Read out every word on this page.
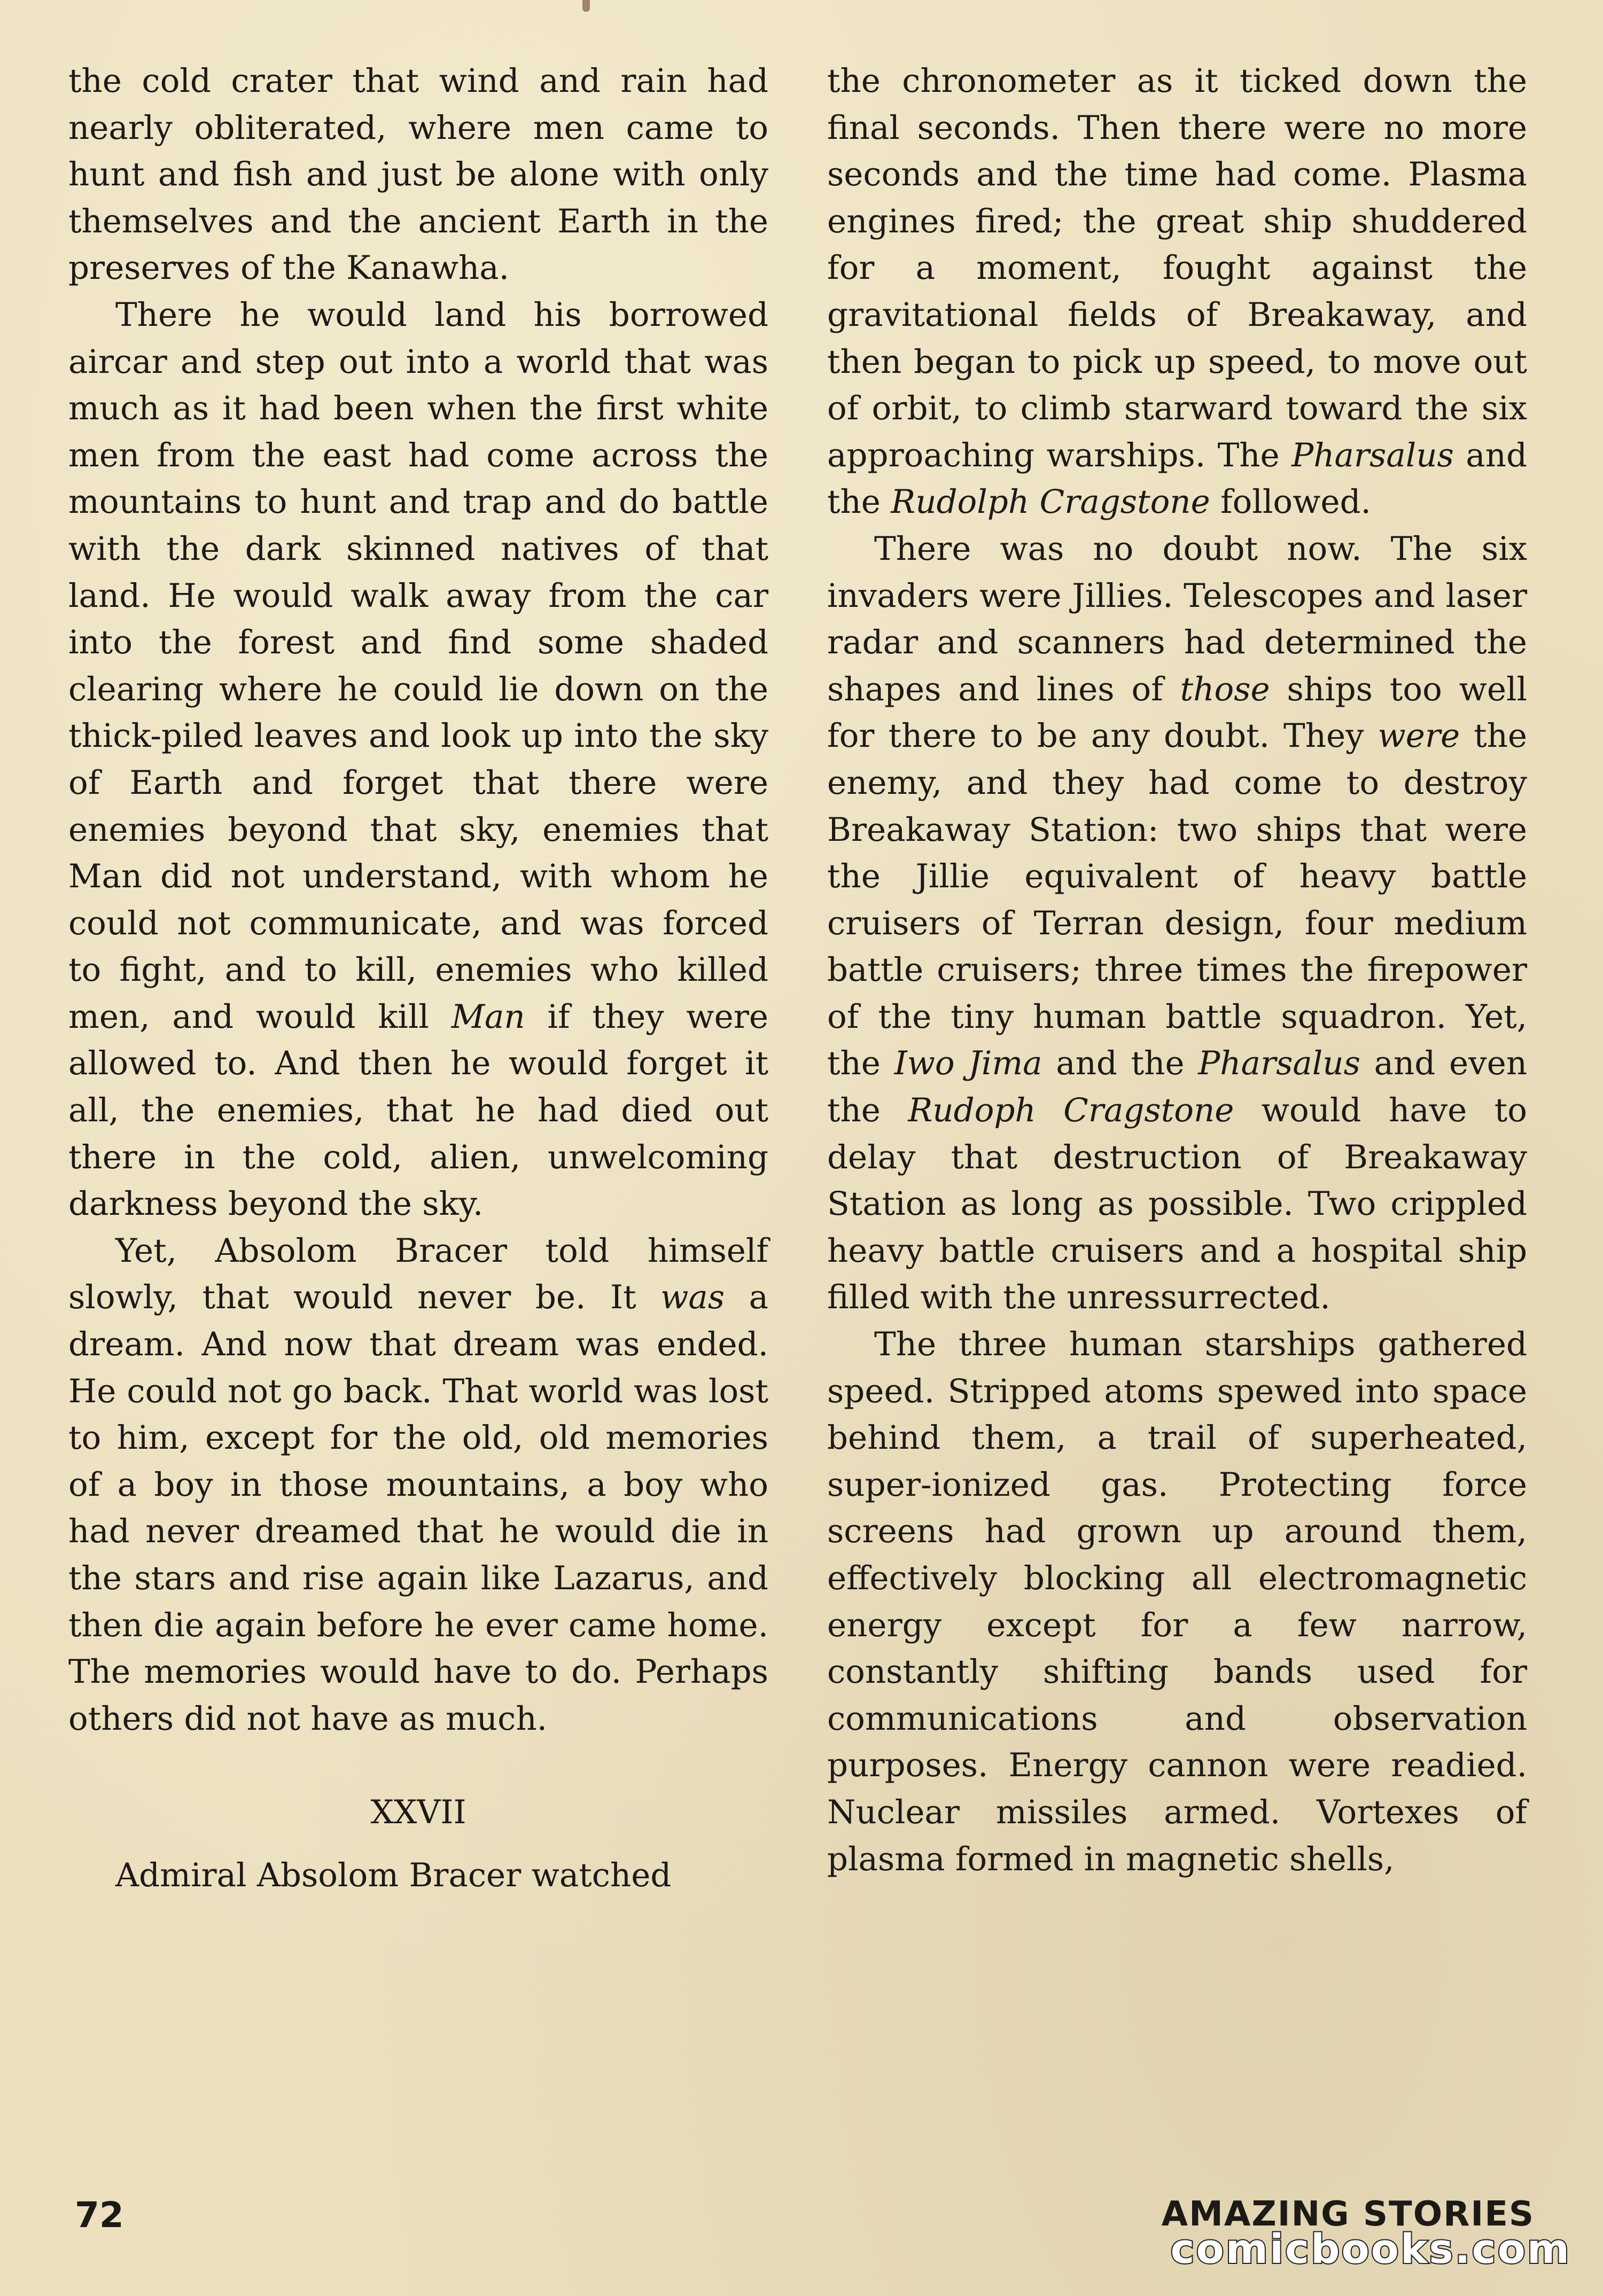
the cold crater that wind and rain had nearly obliterated, where men came to hunt and fish and just be alone with only themselves and the ancient Earth in the preserves of the Kanawha.

There he would land his borrowed aircar and step out into a world that was much as it had been when the first white men from the east had come across the mountains to hunt and trap and do battle with the dark skinned natives of that land. He would walk away from the car into the forest and find some shaded clearing where he could lie down on the thick-piled leaves and look up into the sky of Earth and forget that there were enemies beyond that sky, enemies that Man did not understand, with whom he could not communicate, and was forced to fight, and to kill, enemies who killed men, and would kill Man if they were allowed to. And then he would forget it all, the enemies, that he had died out there in the cold, alien, unwelcoming darkness beyond the sky.

Yet, Absolom Bracer told himself slowly, that would never be. It was a dream. And now that dream was ended. He could not go back. That world was lost to him, except for the old, old memories of a boy in those mountains, a boy who had never dreamed that he would die in the stars and rise again like Lazarus, and then die again before he ever came home. The memories would have to do. Perhaps others did not have as much.

XXVII

Admiral Absolom Bracer watched

the chronometer as it ticked down the final seconds. Then there were no more seconds and the time had come. Plasma engines fired; the great ship shuddered for a moment, fought against the gravitational fields of Breakaway, and then began to pick up speed, to move out of orbit, to climb starward toward the six approaching warships. The Pharsalus and the Rudolph Cragstone followed.

There was no doubt now. The six invaders were Jillies. Telescopes and laser radar and scanners had determined the shapes and lines of those ships too well for there to be any doubt. They were the enemy, and they had come to destroy Breakaway Station: two ships that were the Jillie equivalent of heavy battle cruisers of Terran design, four medium battle cruisers; three times the firepower of the tiny human battle squadron. Yet, the Iwo Jima and the Pharsalus and even the Rudoph Cragstone would have to delay that destruction of Breakaway Station as long as possible. Two crippled heavy battle cruisers and a hospital ship filled with the unressurrected.

The three human starships gathered speed. Stripped atoms spewed into space behind them, a trail of superheated, super-ionized gas. Protecting force screens had grown up around them, effectively blocking all electromagnetic energy except for a few narrow, constantly shifting bands used for communications and observation purposes. Energy cannon were readied. Nuclear missiles armed. Vortexes of plasma formed in magnetic shells,

72	AMAZING STORIES
comicbooks.com
